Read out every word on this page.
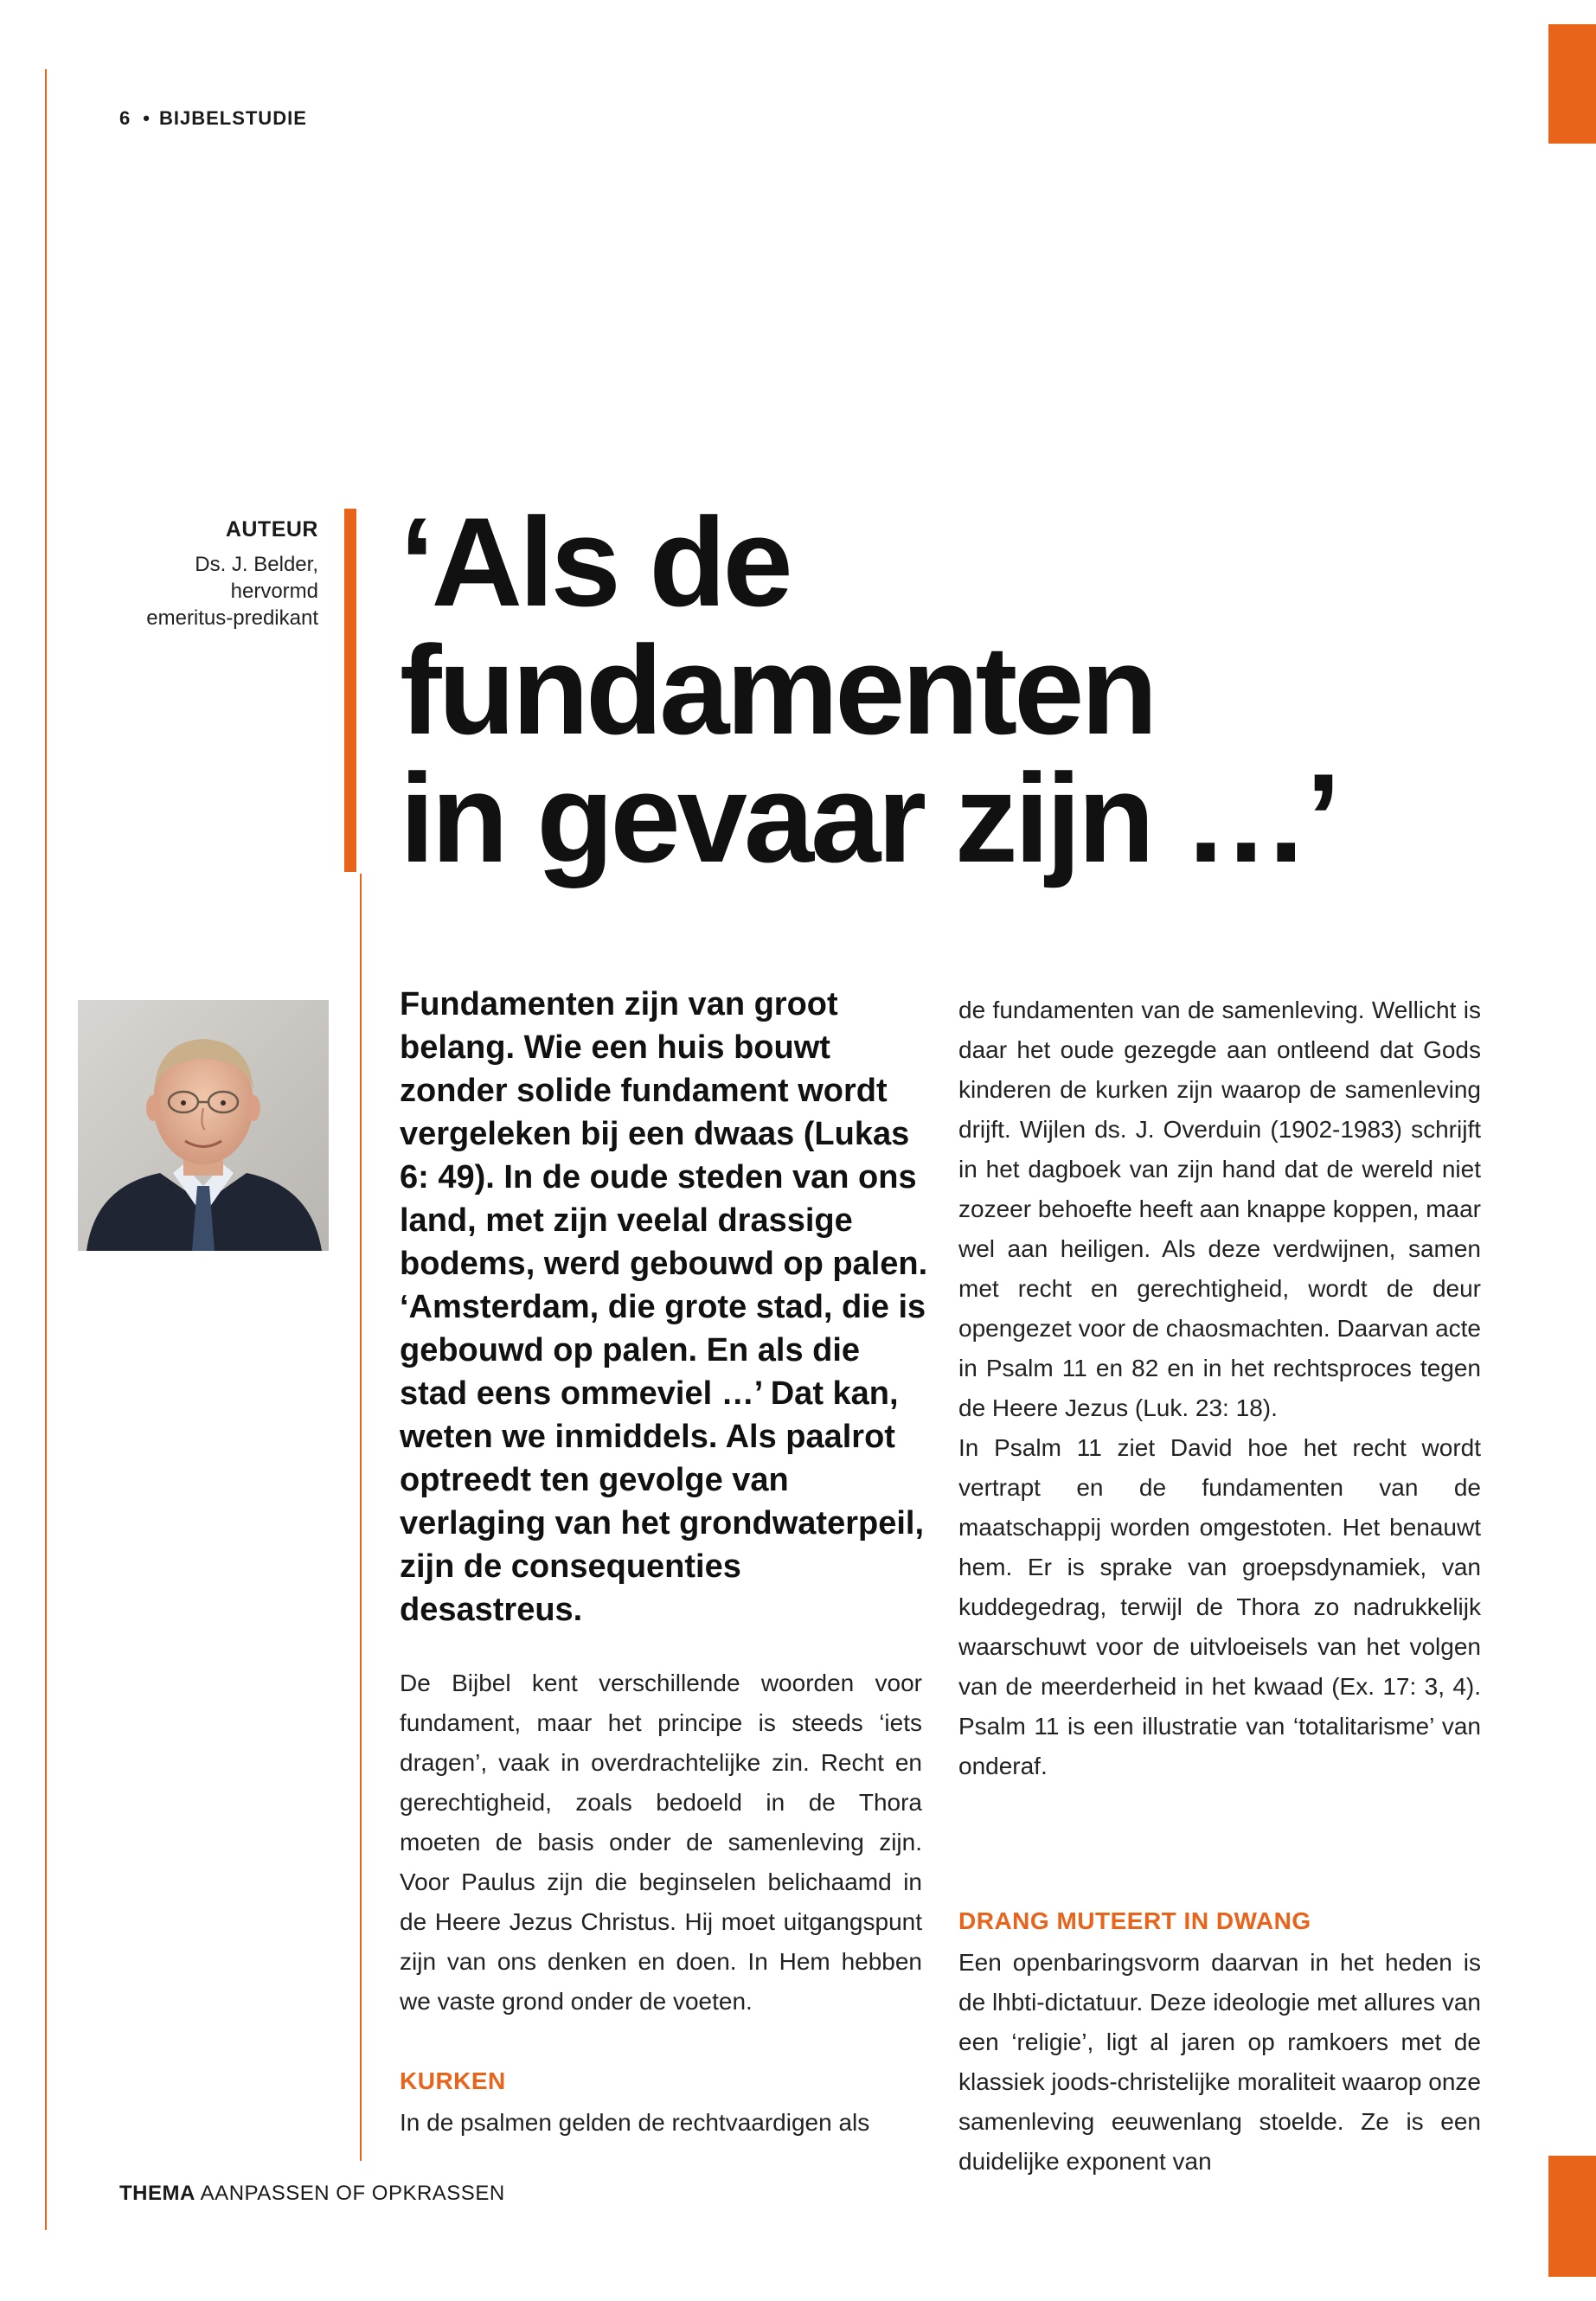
6 • BIJBELSTUDIE
AUTEUR
Ds. J. Belder,
hervormd
emeritus-predikant ‘Als de
fundamenten
in gevaar zijn …’
Fundamenten zijn van groot belang. Wie een huis bouwt zonder solide fundament wordt vergeleken bij een dwaas (Lukas 6: 49). In de oude steden van ons land, met zijn veelal drassige bodems, werd gebouwd op palen. ‘Amsterdam, die grote stad, die is gebouwd op palen. En als die stad eens ommeviel …’ Dat kan, weten we inmiddels. Als paalrot optreedt ten gevolge van verlaging van het grondwaterpeil, zijn de consequenties desastreus.

De Bijbel kent verschillende woorden voor fundament, maar het principe is steeds ‘iets dragen’, vaak in overdrachtelijke zin. Recht en gerechtigheid, zoals bedoeld in de Thora moeten de basis onder de samenleving zijn. Voor Paulus zijn die beginselen belichaamd in de Heere Jezus Christus. Hij moet uitgangspunt zijn van ons denken en doen. In Hem hebben we vaste grond onder de voeten.

KURKEN

In de psalmen gelden de rechtvaardigen als

de fundamenten van de samenleving. Wellicht is daar het oude gezegde aan ontleend dat Gods kinderen de kurken zijn waarop de samenleving drijft. Wijlen ds. J. Overduin (1902-1983) schrijft in het dagboek van zijn hand dat de wereld niet zozeer behoefte heeft aan knappe koppen, maar wel aan heiligen. Als deze verdwijnen, samen met recht en gerechtigheid, wordt de deur opengezet voor de chaosmachten. Daarvan acte in Psalm 11 en 82 en in het rechtsproces tegen de Heere Jezus (Luk. 23: 18).

In Psalm 11 ziet David hoe het recht wordt vertrapt en de fundamenten van de maatschappij worden omgestoten. Het benauwt hem. Er is sprake van groepsdynamiek, van kuddegedrag, terwijl de Thora zo nadrukkelijk waarschuwt voor de uitvloeisels van het volgen van de meerderheid in het kwaad (Ex. 17: 3, 4). Psalm 11 is een illustratie van ‘totalitarisme’ van onderaf.

DRANG MUTEERT IN DWANG

Een openbaringsvorm daarvan in het heden is de lhbti-dictatuur. Deze ideologie met allures van een ‘religie’, ligt al jaren op ramkoers met de klassiek joods-christelijke moraliteit waarop onze samenleving eeuwenlang stoelde. Ze is een duidelijke exponent van

THEMA AANPASSEN OF OPKRASSEN
